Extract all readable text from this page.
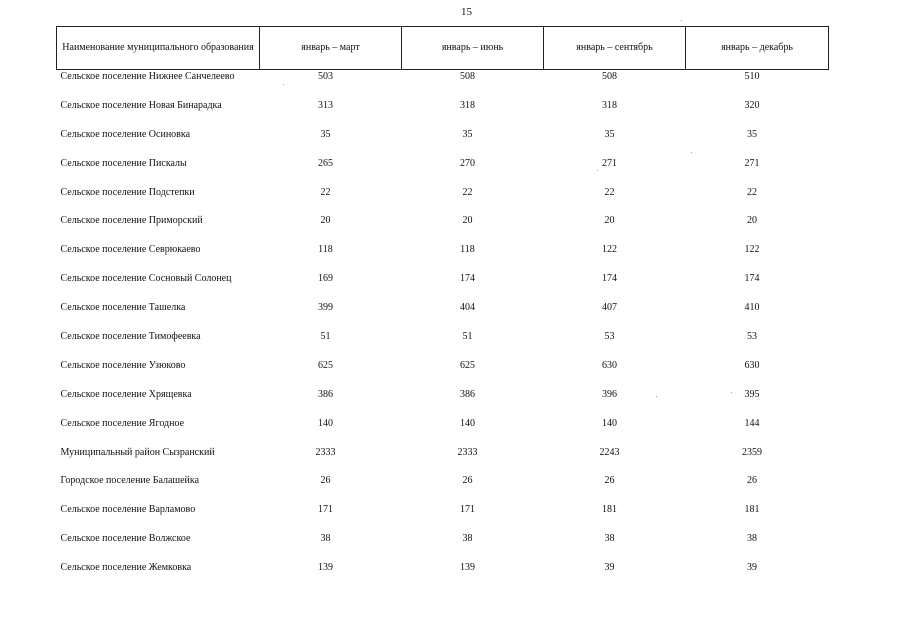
15
Наименование муниципального образования	январь – март	январь – июнь	январь – сентябрь	январь – декабрь
Сельское поселение Нижнее Санчелеево	503	508	508	510
Сельское поселение Новая Бинарадка	313	318	318	320
Сельское поселение Осиновка	35	35	35	35
Сельское поселение Пискалы	265	270	271	271
Сельское поселение Подстепки	22	22	22	22
Сельское поселение Приморский	20	20	20	20
Сельское поселение Севрюкаево	118	118	122	122
Сельское поселение Сосновый Солонец	169	174	174	174
Сельское поселение Ташелка	399	404	407	410
Сельское поселение Тимофеевка	51	51	53	53
Сельское поселение Узюково	625	625	630	630
Сельское поселение Хрящевка	386	386	396	395
Сельское поселение Ягодное	140	140	140	144
Муниципальный район Сызранский	2333	2333	2243	2359
Городское поселение Балашейка	26	26	26	26
Сельское поселение Варламово	171	171	181	181
Сельское поселение Волжское	38	38	38	38
Сельское поселение Жемковка	139	139	39	39
